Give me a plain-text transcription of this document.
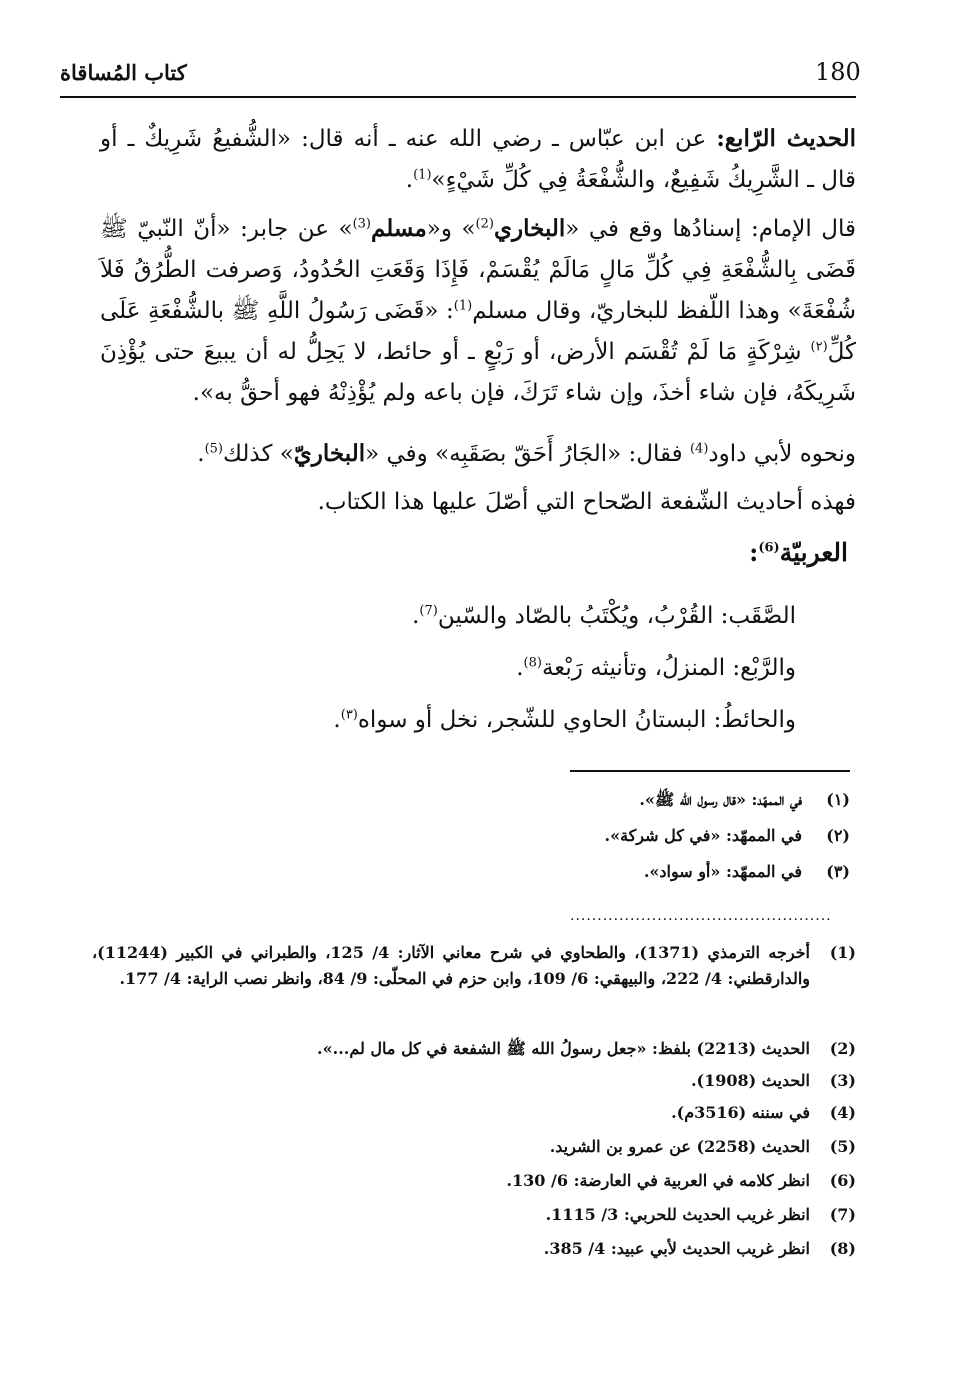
180
كتاب المُساقاة

الحديث الرّابع: عن ابن عبّاس ـ رضي الله عنه ـ أنه قال: «الشُّفيعُ شَرِيكٌ ـ أو قال ـ الشَّرِيكُ شَفِيعٌ، والشُّفْعَةُ فِي كُلِّ شَيْءٍ»$^{(1)}$.

قال الإمام: إسنادُها وقع في «البخاري$^{(2)}$» و«مسلم$^{(3)}$» عن جابر: «أنّ النّبيّ ﷺ قَضَى بِالشُّفْعَةِ فِي كُلِّ مَالٍ مَالَمْ يُقْسَمْ، فَإِذَا وَقَعَتِ الحُدُودُ، وَصرفت الطُّرُقُ فَلاَ شُفْعَةَ» وهذا اللّفظ للبخاريّ، وقال مسلم$^{(1)}$: «قَضَى رَسُولُ اللَّهِ ﷺ بالشُّفْعَةِ عَلَى كُلِّ$^{(٢)}$ شِرْكَةٍ مَا لَمْ تُقْسَم الأرض، أو رَبْعٍ ـ أو حائط، لا يَحِلُّ له أن يبيعَ حتى يُؤْذِنَ شَرِيكَهُ، فإن شاء أخذَ، وإن شاء تَرَكَ، فإن باعه ولم يُؤْذِنْهُ فهو أحقُّ به».

ونحوه لأبي داود$^{(4)}$ فقال: «الجَارُ أَحَقّ بصَقَبِه» وفي «البخاريّ» كذلك$^{(5)}$.

فهذه أحاديث الشّفعة الصّحاح التي أصّلَ عليها هذا الكتاب.

العربيّة$^{(6)}$:
الصَّقَب: القُرْبُ، ويُكْتَبُ بالصّاد والسّين$^{(7)}$.
والرَّبْع: المنزلُ، وتأنيثه رَبْعة$^{(8)}$.
والحائطُ: البستانُ الحاوي للشّجر، نخل أو سواه$^{(٣)}$.
(١)في الممهّد: «قال رسول الله ﷺ».
(٢)في الممهّد: «في كل شركة».
(٣)في الممهّد: «أو سواد».
................................................
(1)أخرجه الترمذي (1371)، والطحاوي في شرح معاني الآثار: 4/ 125، والطبراني في الكبير (11244)، والدارقطني: 4/ 222، والبيهقي: 6/ 109، وابن حزم في المحلّى: 9/ 84، وانظر نصب الراية: 4/ 177.
(2)الحديث (2213) بلفظ: «جعل رسولُ الله ﷺ الشفعة في كل مال لم...».
(3)الحديث (1908).
(4)في سننه (3516م).
(5)الحديث (2258) عن عمرو بن الشريد.
(6)انظر كلامه في العربية في العارضة: 6/ 130.
(7)انظر غريب الحديث للحربي: 3/ 1115.
(8)انظر غريب الحديث لأبي عبيد: 4/ 385.
